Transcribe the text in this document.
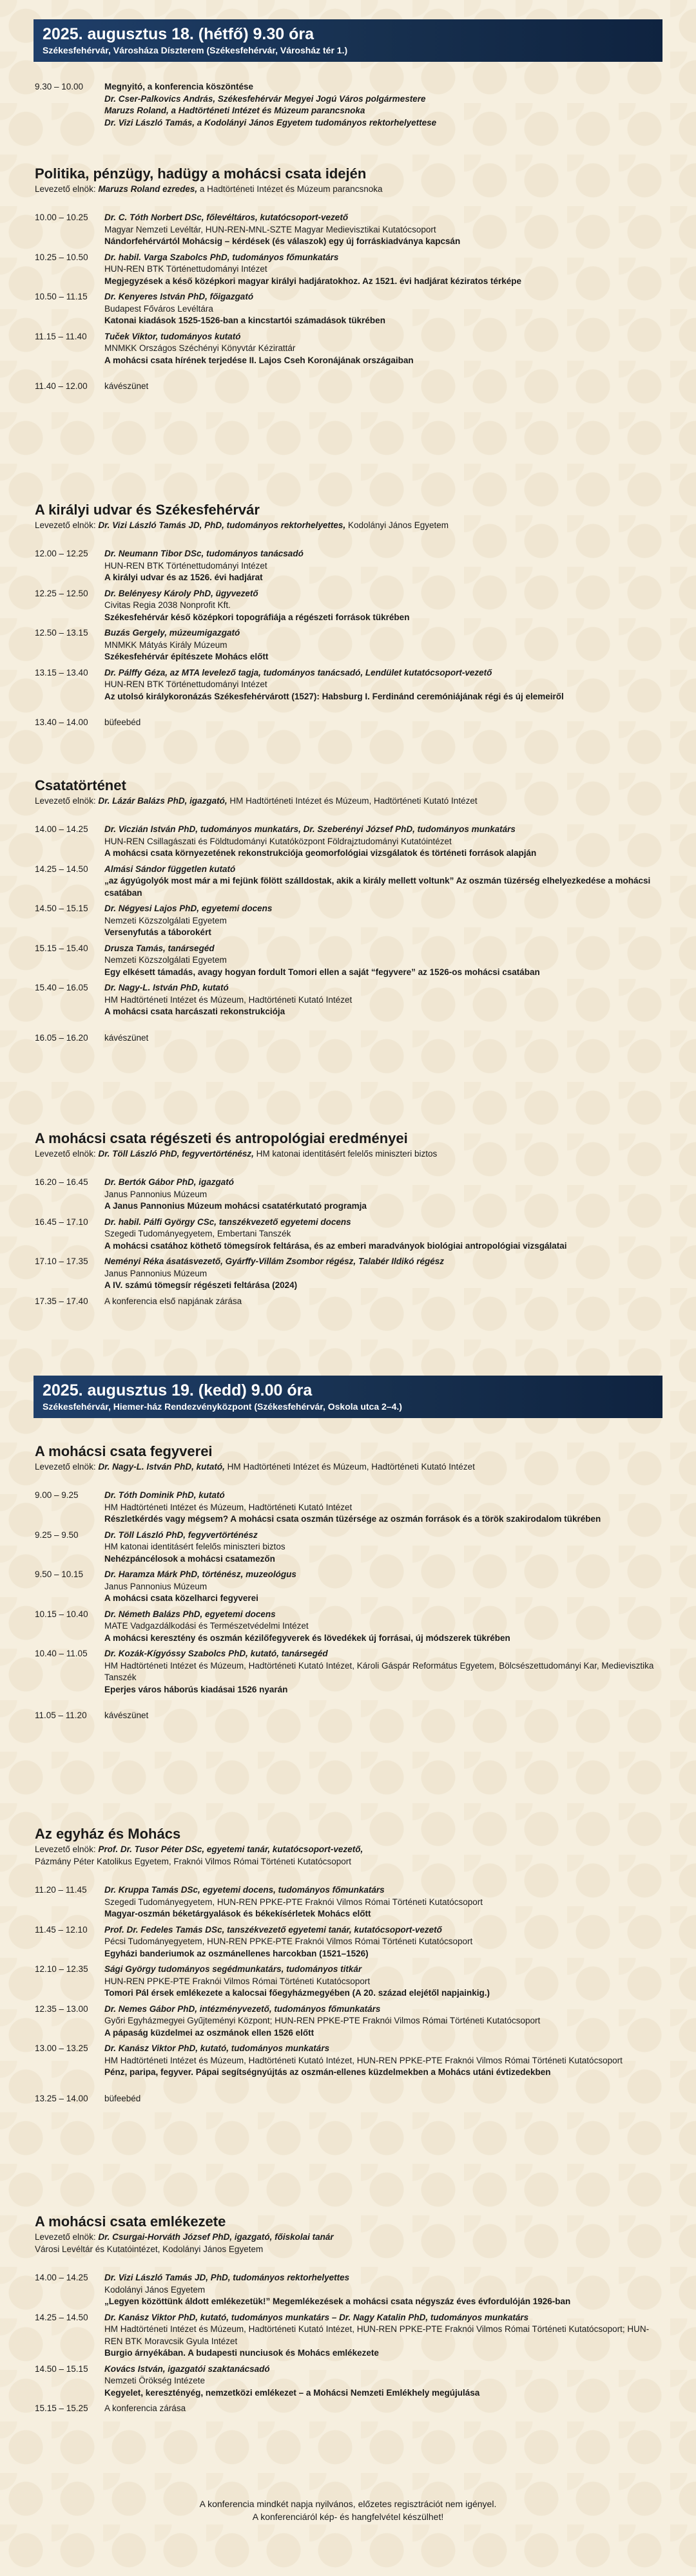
2025. augusztus 18. (hétfő) 9.30 óra
Székesfehérvár, Városháza Díszterem (Székesfehérvár, Városház tér 1.)
9.30 – 10.00	Megnyitó, a konferencia köszöntése
Dr. Cser-Palkovics András, Székesfehérvár Megyei Jogú Város polgármestere
Maruzs Roland, a Hadtörténeti Intézet és Múzeum parancsnoka
Dr. Vizi László Tamás, a Kodolányi János Egyetem tudományos rektorhelyettese
Politika, pénzügy, hadügy a mohácsi csata idején
Levezető elnök: Maruzs Roland ezredes, a Hadtörténeti Intézet és Múzeum parancsnoka
10.00 – 10.25	Dr. C. Tóth Norbert DSc, főlevéltáros, kutatócsoport-vezető
Magyar Nemzeti Levéltár, HUN-REN-MNL-SZTE Magyar Medievisztikai Kutatócsoport
Nándorfehérvártól Mohácsig – kérdések (és válaszok) egy új forráskiadványa kapcsán
10.25 – 10.50	Dr. habil. Varga Szabolcs PhD, tudományos főmunkatárs
HUN-REN BTK Történettudományi Intézet
Megjegyzések a késő középkori magyar királyi hadjáratokhoz. Az 1521. évi hadjárat kéziratos térképe
10.50 – 11.15	Dr. Kenyeres István PhD, főigazgató
Budapest Főváros Levéltára
Katonai kiadások 1525-1526-ban a kincstartói számadások tükrében
11.15 – 11.40	Tuček Viktor, tudományos kutató
MNMKK Országos Széchényi Könyvtár Kézirattár
A mohácsi csata hírének terjedése II. Lajos Cseh Koronájának országaiban
11.40 – 12.00	kávészünet
A királyi udvar és Székesfehérvár
Levezető elnök: Dr. Vizi László Tamás JD, PhD, tudományos rektorhelyettes, Kodolányi János Egyetem
12.00 – 12.25	Dr. Neumann Tibor DSc, tudományos tanácsadó
HUN-REN BTK Történettudományi Intézet
A királyi udvar és az 1526. évi hadjárat
12.25 – 12.50	Dr. Belényesy Károly PhD, ügyvezető
Civitas Regia 2038 Nonprofit Kft.
Székesfehérvár késő középkori topográfiája a régészeti források tükrében
12.50 – 13.15	Buzás Gergely, múzeumigazgató
MNMKK Mátyás Király Múzeum
Székesfehérvár építészete Mohács előtt
13.15 – 13.40	Dr. Pálffy Géza, az MTA levelező tagja, tudományos tanácsadó, Lendület kutatócsoport-vezető
HUN-REN BTK Történettudományi Intézet
Az utolsó királykoronázás Székesfehérvárott (1527): Habsburg I. Ferdinánd ceremóniájának régi és új elemeiről
13.40 – 14.00	büfeebéd
Csatatörténet
Levezető elnök: Dr. Lázár Balázs PhD, igazgató, HM Hadtörténeti Intézet és Múzeum, Hadtörténeti Kutató Intézet
14.00 – 14.25	Dr. Viczián István PhD, tudományos munkatárs, Dr. Szeberényi József PhD, tudományos munkatárs
HUN-REN Csillagászati és Földtudományi Kutatóközpont Földrajztudományi Kutatóintézet
A mohácsi csata környezetének rekonstrukciója geomorfológiai vizsgálatok és történeti források alapján
14.25 – 14.50	Almási Sándor független kutató
„az ágyúgolyók most már a mi fejünk fölött szálldostak, akik a király mellett voltunk” Az oszmán tüzérség elhelyezkedése a mohácsi csatában
14.50 – 15.15	Dr. Négyesi Lajos PhD, egyetemi docens
Nemzeti Közszolgálati Egyetem
Versenyfutás a táborokért
15.15 – 15.40	Drusza Tamás, tanársegéd
Nemzeti Közszolgálati Egyetem
Egy elkésett támadás, avagy hogyan fordult Tomori ellen a saját “fegyvere” az 1526-os mohácsi csatában
15.40 – 16.05	Dr. Nagy-L. István PhD, kutató
HM Hadtörténeti Intézet és Múzeum, Hadtörténeti Kutató Intézet
A mohácsi csata harcászati rekonstrukciója
16.05 – 16.20	kávészünet
A mohácsi csata régészeti és antropológiai eredményei
Levezető elnök: Dr. Töll László PhD, fegyvertörténész, HM katonai identitásért felelős miniszteri biztos
16.20 – 16.45	Dr. Bertók Gábor PhD, igazgató
Janus Pannonius Múzeum
A Janus Pannonius Múzeum mohácsi csatatérkutató programja
16.45 – 17.10	Dr. habil. Pálfi György CSc, tanszékvezető egyetemi docens
Szegedi Tudományegyetem, Embertani Tanszék
A mohácsi csatához köthető tömegsírok feltárása, és az emberi maradványok biológiai antropológiai vizsgálatai
17.10 – 17.35	Neményi Réka ásatásvezető, Gyárffy-Villám Zsombor régész, Talabér Ildikó régész
Janus Pannonius Múzeum
A IV. számú tömegsír régészeti feltárása (2024)
17.35 – 17.40	A konferencia első napjának zárása
2025. augusztus 19. (kedd) 9.00 óra
Székesfehérvár, Hiemer-ház Rendezvényközpont (Székesfehérvár, Oskola utca 2–4.)
A mohácsi csata fegyverei
Levezető elnök: Dr. Nagy-L. István PhD, kutató, HM Hadtörténeti Intézet és Múzeum, Hadtörténeti Kutató Intézet
9.00 – 9.25	Dr. Tóth Dominik PhD, kutató
HM Hadtörténeti Intézet és Múzeum, Hadtörténeti Kutató Intézet
Részletkérdés vagy mégsem? A mohácsi csata oszmán tüzérsége az oszmán források és a török szakirodalom tükrében
9.25 – 9.50	Dr. Töll László PhD, fegyvertörténész
HM katonai identitásért felelős miniszteri biztos
Nehézpáncélosok a mohácsi csatamezőn
9.50 – 10.15	Dr. Haramza Márk PhD, történész, muzeológus
Janus Pannonius Múzeum
A mohácsi csata közelharci fegyverei
10.15 – 10.40	Dr. Németh Balázs PhD, egyetemi docens
MATE Vadgazdálkodási és Természetvédelmi Intézet
A mohácsi keresztény és oszmán kézilőfegyverek és lövedékek új forrásai, új módszerek tükrében
10.40 – 11.05	Dr. Kozák-Kígyóssy Szabolcs PhD, kutató, tanársegéd
HM Hadtörténeti Intézet és Múzeum, Hadtörténeti Kutató Intézet, Károli Gáspár Református Egyetem, Bölcsészettudományi Kar, Medievisztika Tanszék
Eperjes város háborús kiadásai 1526 nyarán
11.05 – 11.20	kávészünet
Az egyház és Mohács
Levezető elnök: Prof. Dr. Tusor Péter DSc, egyetemi tanár, kutatócsoport-vezető,
Pázmány Péter Katolikus Egyetem, Fraknói Vilmos Római Történeti Kutatócsoport
11.20 – 11.45	Dr. Kruppa Tamás DSc, egyetemi docens, tudományos főmunkatárs
Szegedi Tudományegyetem, HUN-REN PPKE-PTE Fraknói Vilmos Római Történeti Kutatócsoport
Magyar-oszmán béketárgyalások és békekísérletek Mohács előtt
11.45 – 12.10	Prof. Dr. Fedeles Tamás DSc, tanszékvezető egyetemi tanár, kutatócsoport-vezető
Pécsi Tudományegyetem, HUN-REN PPKE-PTE Fraknói Vilmos Római Történeti Kutatócsoport
Egyházi banderiumok az oszmánellenes harcokban (1521–1526)
12.10 – 12.35	Sági György tudományos segédmunkatárs, tudományos titkár
HUN-REN PPKE-PTE Fraknói Vilmos Római Történeti Kutatócsoport
Tomori Pál érsek emlékezete a kalocsai főegyházmegyében (A 20. század elejétől napjainkig.)
12.35 – 13.00	Dr. Nemes Gábor PhD, intézményvezető, tudományos főmunkatárs
Győri Egyházmegyei Gyűjteményi Központ; HUN-REN PPKE-PTE Fraknói Vilmos Római Történeti Kutatócsoport
A pápaság küzdelmei az oszmánok ellen 1526 előtt
13.00 – 13.25	Dr. Kanász Viktor PhD, kutató, tudományos munkatárs
HM Hadtörténeti Intézet és Múzeum, Hadtörténeti Kutató Intézet, HUN-REN PPKE-PTE Fraknói Vilmos Római Történeti Kutatócsoport
Pénz, paripa, fegyver. Pápai segítségnyújtás az oszmán-ellenes küzdelmekben a Mohács utáni évtizedekben
13.25 – 14.00	büfeebéd
A mohácsi csata emlékezete
Levezető elnök: Dr. Csurgai-Horváth József PhD, igazgató, főiskolai tanár
Városi Levéltár és Kutatóintézet, Kodolányi János Egyetem
14.00 – 14.25	Dr. Vizi László Tamás JD, PhD, tudományos rektorhelyettes
Kodolányi János Egyetem
„Legyen közöttünk áldott emlékezetük!” Megemlékezések a mohácsi csata négyszáz éves évfordulóján 1926-ban
14.25 – 14.50	Dr. Kanász Viktor PhD, kutató, tudományos munkatárs – Dr. Nagy Katalin PhD, tudományos munkatárs
HM Hadtörténeti Intézet és Múzeum, Hadtörténeti Kutató Intézet, HUN-REN PPKE-PTE Fraknói Vilmos Római Történeti Kutatócsoport; HUN-REN BTK Moravcsik Gyula Intézet
Burgio árnyékában. A budapesti nunciusok és Mohács emlékezete
14.50 – 15.15	Kovács István, igazgatói szaktanácsadó
Nemzeti Örökség Intézete
Kegyelet, keresztényég, nemzetközi emlékezet – a Mohácsi Nemzeti Emlékhely megújulása
15.15 – 15.25	A konferencia zárása
A konferencia mindkét napja nyilvános, előzetes regisztrációt nem igényel.
A konferenciáról kép- és hangfelvétel készülhet!
